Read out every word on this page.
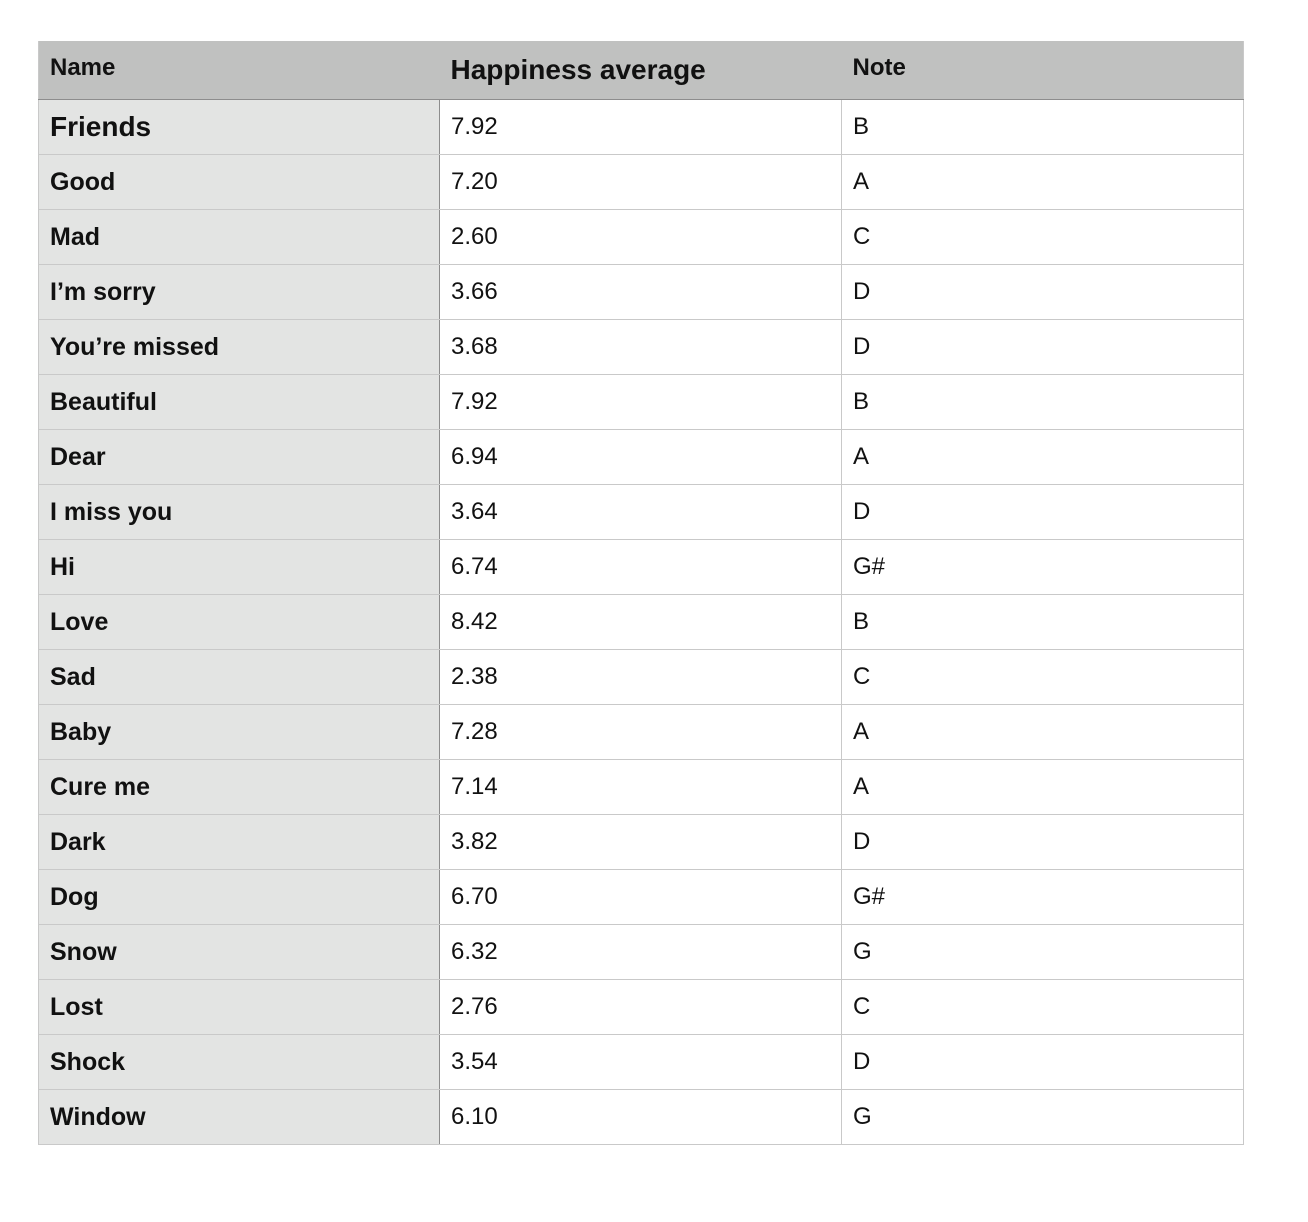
Name	Happiness average	Note
Friends	7.92	B
Good	7.20	A
Mad	2.60	C
I’m sorry	3.66	D
You’re missed	3.68	D
Beautiful	7.92	B
Dear	6.94	A
I miss you	3.64	D
Hi	6.74	G#
Love	8.42	B
Sad	2.38	C
Baby	7.28	A
Cure me	7.14	A
Dark	3.82	D
Dog	6.70	G#
Snow	6.32	G
Lost	2.76	C
Shock	3.54	D
Window	6.10	G
